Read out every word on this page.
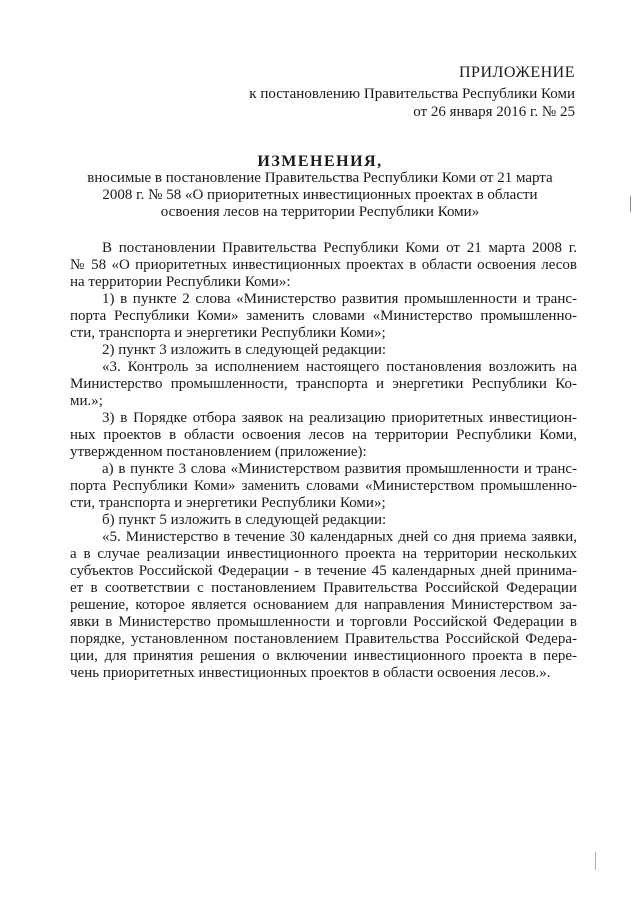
ПРИЛОЖЕНИЕ
к постановлению Правительства Республики Коми
от 26 января 2016 г. № 25
ИЗМЕНЕНИЯ,
вносимые в постановление Правительства Республики Коми от 21 марта
2008 г. № 58 «О приоритетных инвестиционных проектах в области
освоения лесов на территории Республики Коми»
В постановлении Правительства Республики Коми от 21 марта 2008 г.
№ 58 «О приоритетных инвестиционных проектах в области освоения лесов
на территории Республики Коми»:
1) в пункте 2 слова «Министерство развития промышленности и транс-
порта Республики Коми» заменить словами «Министерство промышленно-
сти, транспорта и энергетики Республики Коми»;
2) пункт 3 изложить в следующей редакции:
«3. Контроль за исполнением настоящего постановления возложить на
Министерство промышленности, транспорта и энергетики Республики Ко-
ми.»;
3) в Порядке отбора заявок на реализацию приоритетных инвестицион-
ных проектов в области освоения лесов на территории Республики Коми,
утвержденном постановлением (приложение):
а) в пункте 3 слова «Министерством развития промышленности и транс-
порта Республики Коми» заменить словами «Министерством промышленно-
сти, транспорта и энергетики Республики Коми»;
б) пункт 5 изложить в следующей редакции:
«5. Министерство в течение 30 календарных дней со дня приема заявки,
а в случае реализации инвестиционного проекта на территории нескольких
субъектов Российской Федерации - в течение 45 календарных дней принима-
ет в соответствии с постановлением Правительства Российской Федерации
решение, которое является основанием для направления Министерством за-
явки в Министерство промышленности и торговли Российской Федерации в
порядке, установленном постановлением Правительства Российской Федера-
ции, для принятия решения о включении инвестиционного проекта в пере-
чень приоритетных инвестиционных проектов в области освоения лесов.».
